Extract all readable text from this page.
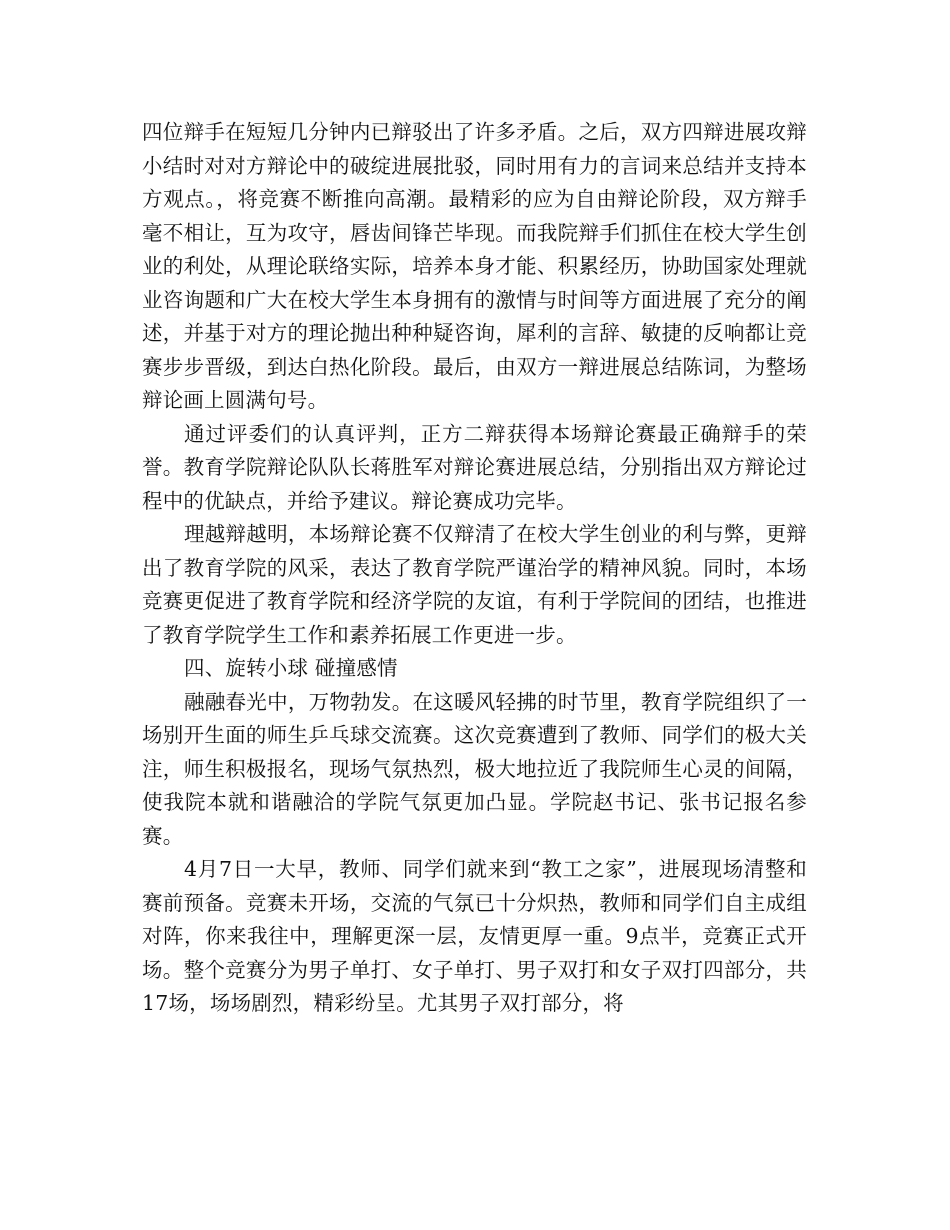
四位辩手在短短几分钟内已辩驳出了许多矛盾。之后，双方四辩进展攻辩小结时对对方辩论中的破绽进展批驳，同时用有力的言词来总结并支持本方观点。，将竞赛不断推向高潮。最精彩的应为自由辩论阶段，双方辩手毫不相让，互为攻守，唇齿间锋芒毕现。而我院辩手们抓住在校大学生创业的利处，从理论联络实际，培养本身才能、积累经历，协助国家处理就业咨询题和广大在校大学生本身拥有的激情与时间等方面进展了充分的阐述，并基于对方的理论抛出种种疑咨询，犀利的言辞、敏捷的反响都让竞赛步步晋级，到达白热化阶段。最后，由双方一辩进展总结陈词，为整场辩论画上圆满句号。

通过评委们的认真评判，正方二辩获得本场辩论赛最正确辩手的荣誉。教育学院辩论队队长蒋胜军对辩论赛进展总结，分别指出双方辩论过程中的优缺点，并给予建议。辩论赛成功完毕。

理越辩越明，本场辩论赛不仅辩清了在校大学生创业的利与弊，更辩出了教育学院的风采，表达了教育学院严谨治学的精神风貌。同时，本场竞赛更促进了教育学院和经济学院的友谊，有利于学院间的团结，也推进了教育学院学生工作和素养拓展工作更进一步。

四、旋转小球 碰撞感情

融融春光中，万物勃发。在这暖风轻拂的时节里，教育学院组织了一场别开生面的师生乒乓球交流赛。这次竞赛遭到了教师、同学们的极大关注，师生积极报名，现场气氛热烈，极大地拉近了我院师生心灵的间隔，使我院本就和谐融洽的学院气氛更加凸显。学院赵书记、张书记报名参赛。

4月7日一大早，教师、同学们就来到“教工之家”，进展现场清整和赛前预备。竞赛未开场，交流的气氛已十分炽热，教师和同学们自主成组对阵，你来我往中，理解更深一层，友情更厚一重。9点半，竞赛正式开场。整个竞赛分为男子单打、女子单打、男子双打和女子双打四部分，共17场，场场剧烈，精彩纷呈。尤其男子双打部分，将
